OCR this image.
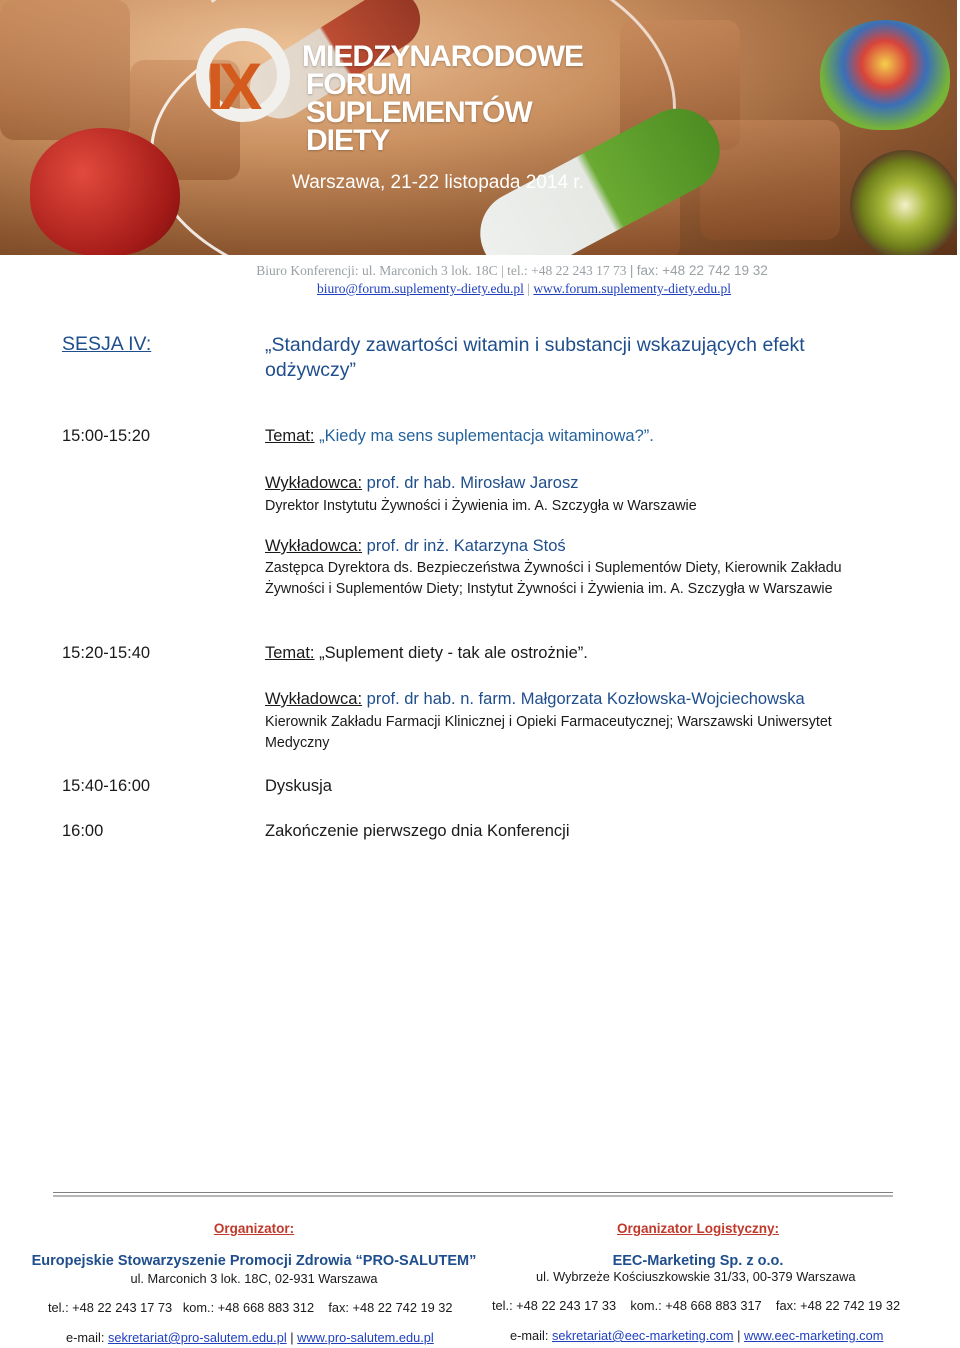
IX MIEDZYNARODOWE
FORUM
SUPLEMENTÓW
DIETY
Warszawa, 21-22 listopada 2014 r.
Biuro Konferencji: ul. Marconich 3 lok. 18C | tel.: +48 22 243 17 73 | fax: +48 22 742 19 32
biuro@forum.suplementy-diety.edu.pl | www.forum.suplementy-diety.edu.pl
SESJA IV:	„Standardy zawartości witamin i substancji wskazujących efekt odżywczy”
15:00-15:20	Temat: „Kiedy ma sens suplementacja witaminowa?”.
Wykładowca: prof. dr hab. Mirosław Jarosz
Dyrektor Instytutu Żywności i Żywienia im. A. Szczygła w Warszawie
Wykładowca: prof. dr inż. Katarzyna Stoś
Zastępca Dyrektora ds. Bezpieczeństwa Żywności i Suplementów Diety, Kierownik Zakładu Żywności i Suplementów Diety; Instytut Żywności i Żywienia im. A. Szczygła w Warszawie
15:20-15:40	Temat: „Suplement diety - tak ale ostrożnie”.
Wykładowca: prof. dr hab. n. farm. Małgorzata Kozłowska-Wojciechowska
Kierownik Zakładu Farmacji Klinicznej i Opieki Farmaceutycznej; Warszawski Uniwersytet Medyczny
15:40-16:00	Dyskusja
16:00	Zakończenie pierwszego dnia Konferencji
Organizator:
Europejskie Stowarzyszenie Promocji Zdrowia “PRO-SALUTEM”
ul. Marconich 3 lok. 18C, 02-931 Warszawa
tel.: +48 22 243 17 73 kom.: +48 668 883 312 fax: +48 22 742 19 32
e-mail: sekretariat@pro-salutem.edu.pl | www.pro-salutem.edu.pl
Organizator Logistyczny:
EEC-Marketing Sp. z o.o.
ul. Wybrzeże Kościuszkowskie 31/33, 00-379 Warszawa
tel.: +48 22 243 17 33 kom.: +48 668 883 317 fax: +48 22 742 19 32
e-mail: sekretariat@eec-marketing.com | www.eec-marketing.com
